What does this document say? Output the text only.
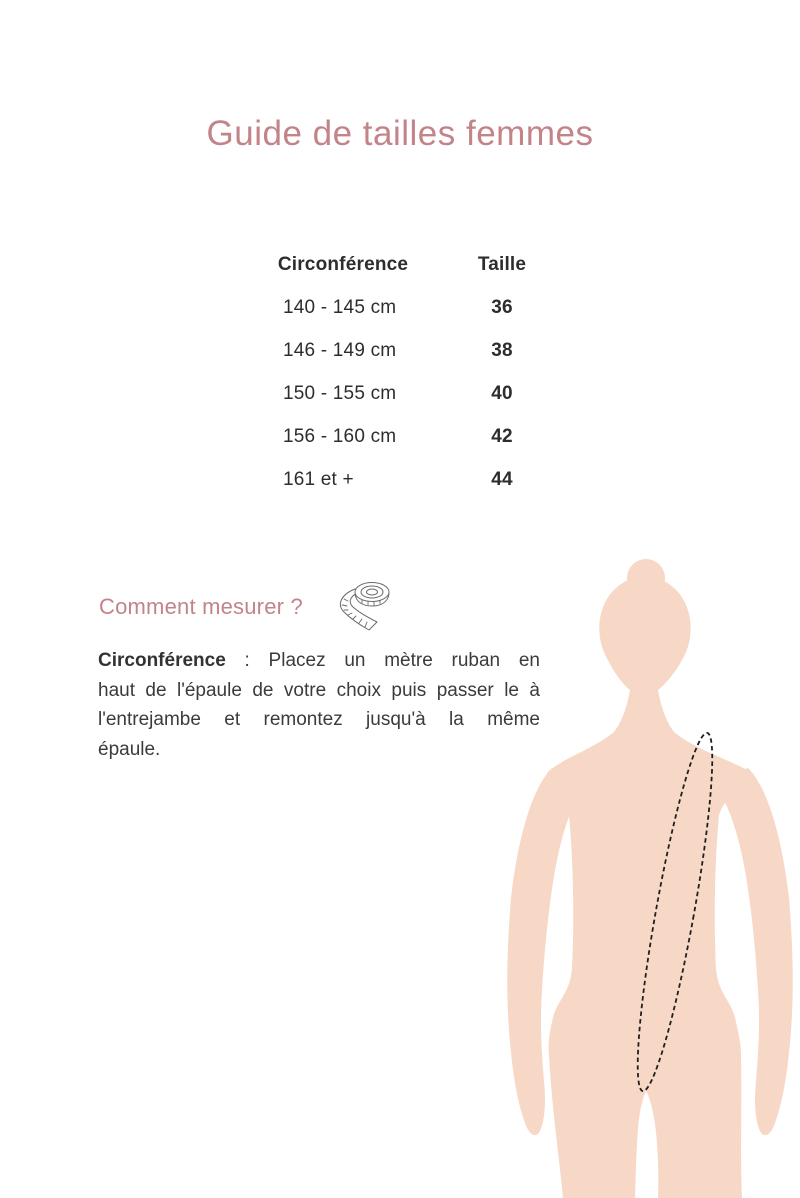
Guide de tailles femmes
Circonférence	Taille
140 - 145 cm	36
146 - 149 cm	38
150 - 155 cm	40
156 - 160 cm	42
161 et +	44
Comment mesurer ?
Circonférence : Placez un mètre ruban en
haut de l'épaule de votre choix puis passer le à
l'entrejambe et remontez jusqu'à la même
épaule.
